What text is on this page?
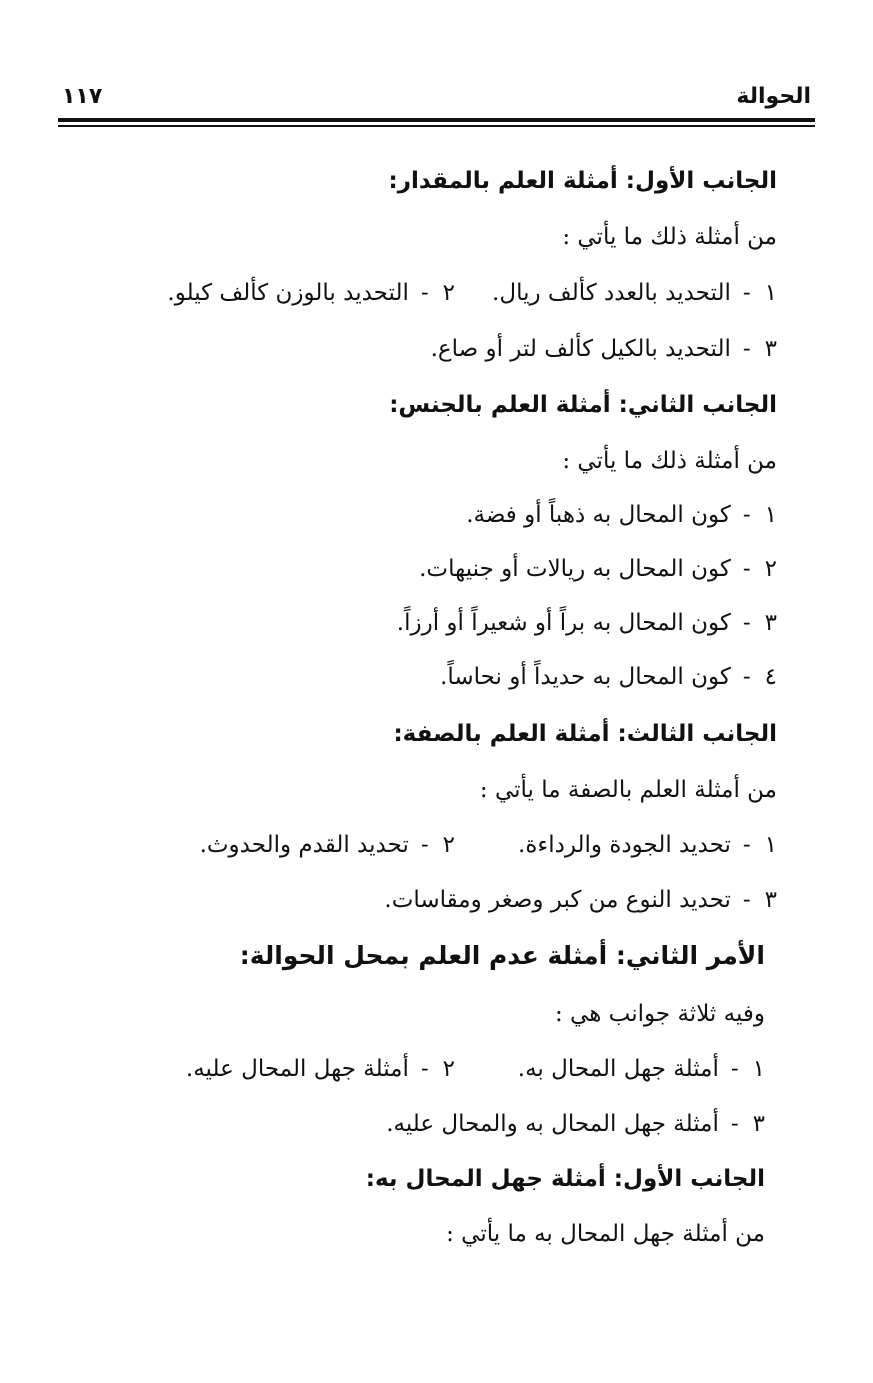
الحوالة
١١٧
الجانب الأول: أمثلة العلم بالمقدار:
من أمثلة ذلك ما يأتي :
١-التحديد بالعدد كألف ريال.
٢-التحديد بالوزن كألف كيلو.
٣-التحديد بالكيل كألف لتر أو صاع.
الجانب الثاني: أمثلة العلم بالجنس:
من أمثلة ذلك ما يأتي :
١-كون المحال به ذهباً أو فضة.
٢-كون المحال به ريالات أو جنيهات.
٣-كون المحال به براً أو شعيراً أو أرزاً.
٤-كون المحال به حديداً أو نحاساً.
الجانب الثالث: أمثلة العلم بالصفة:
من أمثلة العلم بالصفة ما يأتي :
١-تحديد الجودة والرداءة.
٢-تحديد القدم والحدوث.
٣-تحديد النوع من كبر وصغر ومقاسات.
الأمر الثاني: أمثلة عدم العلم بمحل الحوالة:
وفيه ثلاثة جوانب هي :
١-أمثلة جهل المحال به.
٢-أمثلة جهل المحال عليه.
٣-أمثلة جهل المحال به والمحال عليه.
الجانب الأول: أمثلة جهل المحال به:
من أمثلة جهل المحال به ما يأتي :
